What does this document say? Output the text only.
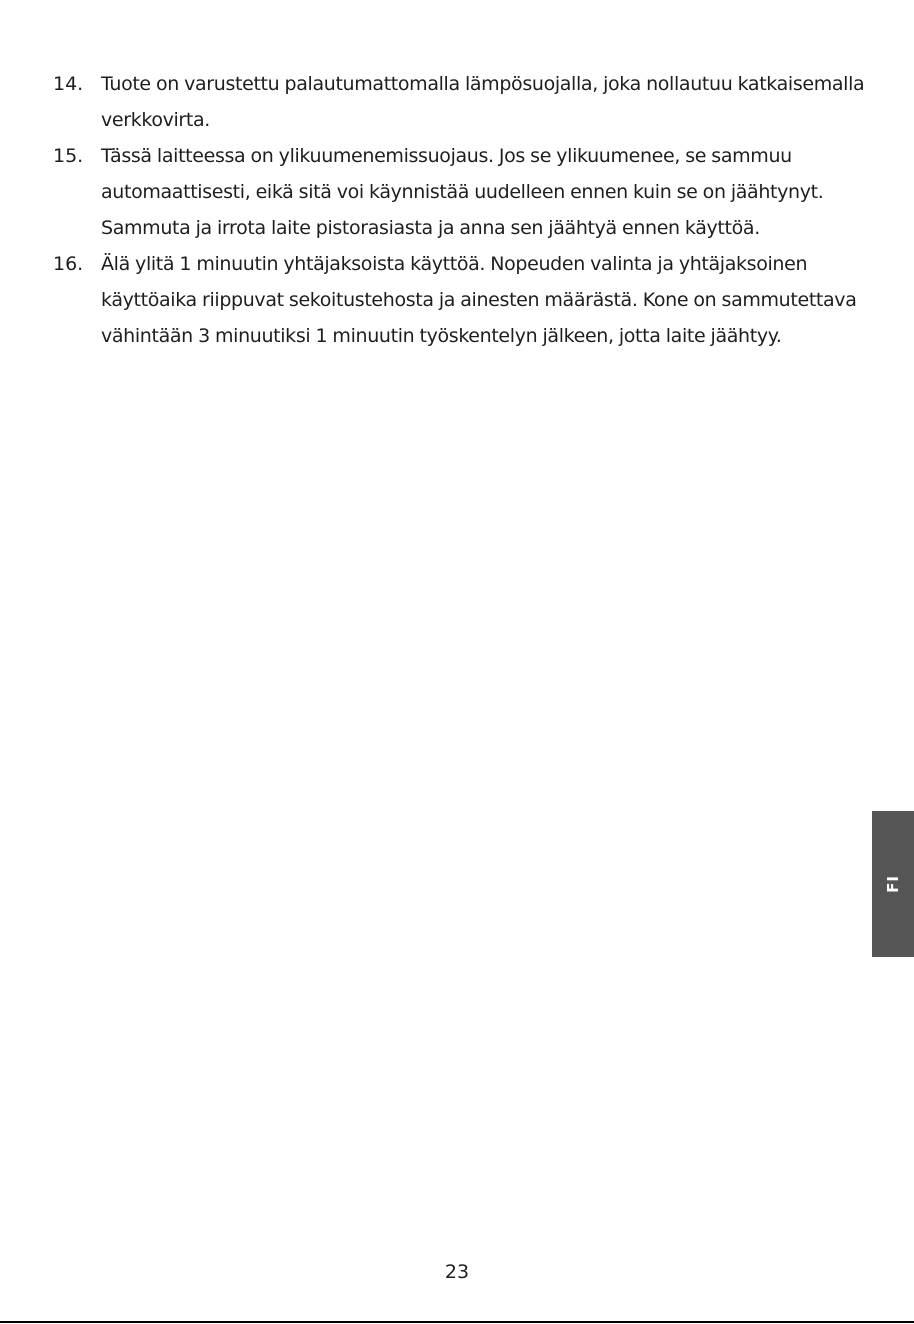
14. Tuote on varustettu palautumattomalla lämpösuojalla, joka nollautuu katkaisemalla verkkovirta.
15. Tässä laitteessa on ylikuumenemissuojaus. Jos se ylikuumenee, se sammuu automaattisesti, eikä sitä voi käynnistää uudelleen ennen kuin se on jäähtynyt. Sammuta ja irrota laite pistorasiasta ja anna sen jäähtyä ennen käyttöä.
16. Älä ylitä 1 minuutin yhtäjaksoista käyttöä. Nopeuden valinta ja yhtäjaksoinen käyttöaika riippuvat sekoitustehosta ja ainesten määrästä. Kone on sammutettava vähintään 3 minuutiksi 1 minuutin työskentelyn jälkeen, jotta laite jäähtyy.
FI
23
